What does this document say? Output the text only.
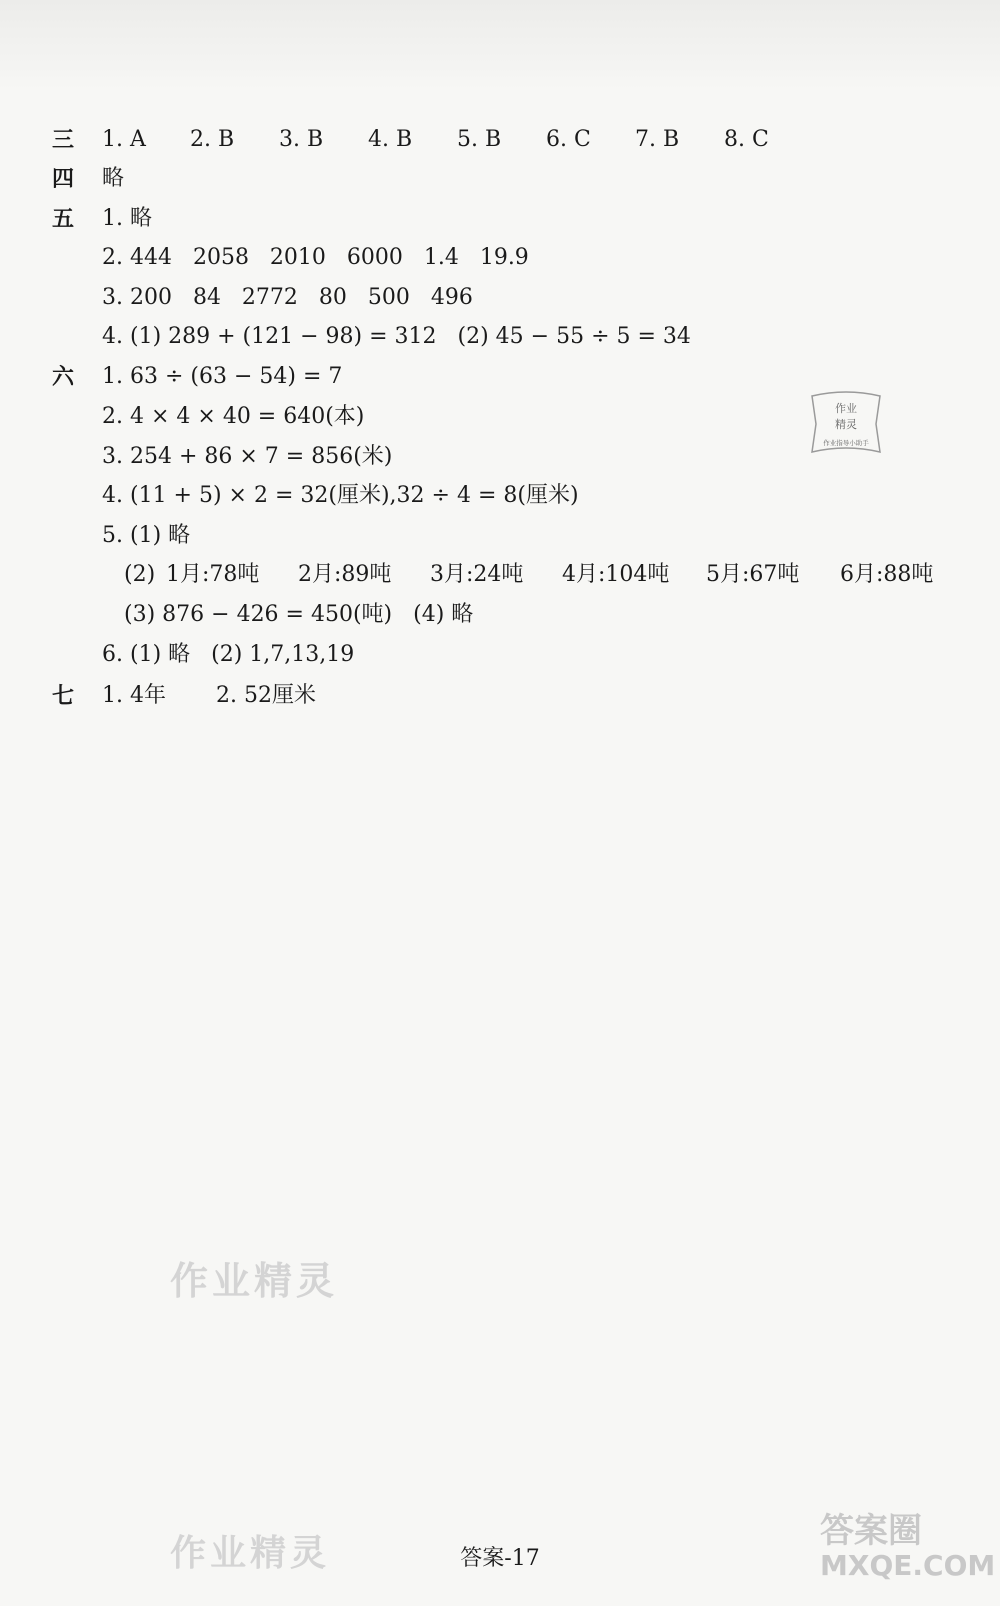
三 1. A 2. B 3. B 4. B 5. B 6. C 7. B 8. C
四 略
五 1. 略
2. 444   2058   2010   6000   1.4   19.9
3. 200   84   2772   80   500   496
4. (1) 289 + (121 − 98) = 312   (2) 45 − 55 ÷ 5 = 34
六 1. 63 ÷ (63 − 54) = 7
2. 4 × 4 × 40 = 640(本)
3. 254 + 86 × 7 = 856(米)
4. (11 + 5) × 2 = 32(厘米),32 ÷ 4 = 8(厘米)
5. (1) 略
(2) 1月:78吨 2月:89吨 3月:24吨 4月:104吨 5月:67吨 6月:88吨
(3) 876 − 426 = 450(吨)   (4) 略
6. (1) 略   (2) 1,7,13,19
七 1. 4年 2. 52厘米
作业
精灵
作业指导小助手
作业精灵
作业精灵
答案圈
MXQE.COM
答案-17
